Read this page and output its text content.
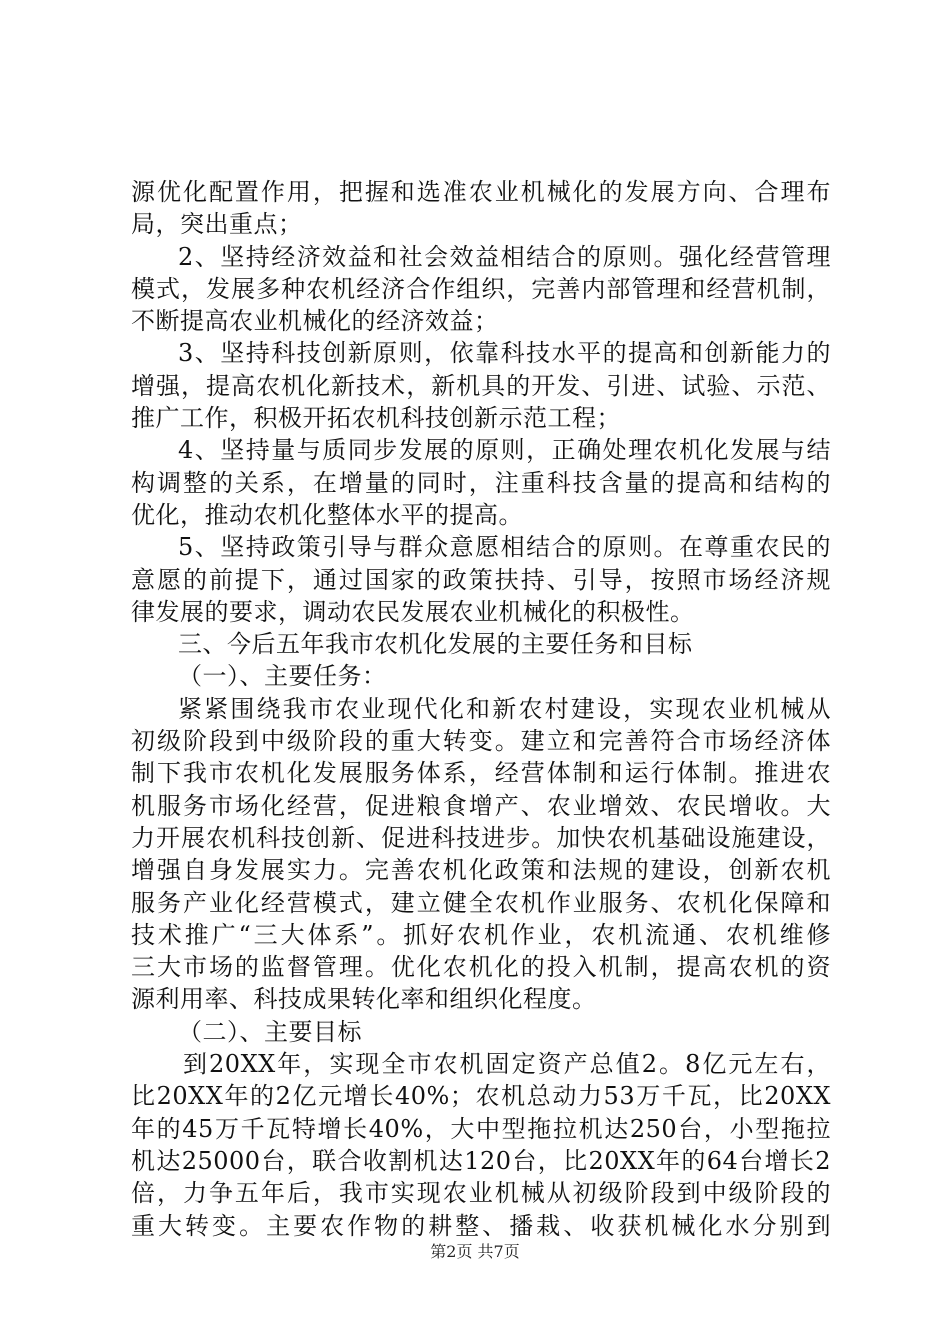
源优化配置作用，把握和选准农业机械化的发展方向、合理布
局，突出重点；
2、坚持经济效益和社会效益相结合的原则。强化经营管理
模式，发展多种农机经济合作组织，完善内部管理和经营机制，
不断提高农业机械化的经济效益；
3、坚持科技创新原则，依靠科技水平的提高和创新能力的
增强，提高农机化新技术，新机具的开发、引进、试验、示范、
推广工作，积极开拓农机科技创新示范工程；
4、坚持量与质同步发展的原则，正确处理农机化发展与结
构调整的关系，在增量的同时，注重科技含量的提高和结构的
优化，推动农机化整体水平的提高。
5、坚持政策引导与群众意愿相结合的原则。在尊重农民的
意愿的前提下，通过国家的政策扶持、引导，按照市场经济规
律发展的要求，调动农民发展农业机械化的积极性。
三、今后五年我市农机化发展的主要任务和目标
（一）、主要任务：
紧紧围绕我市农业现代化和新农村建设，实现农业机械从
初级阶段到中级阶段的重大转变。建立和完善符合市场经济体
制下我市农机化发展服务体系，经营体制和运行体制。推进农
机服务市场化经营，促进粮食增产、农业增效、农民增收。大
力开展农机科技创新、促进科技进步。加快农机基础设施建设，
增强自身发展实力。完善农机化政策和法规的建设，创新农机
服务产业化经营模式，建立健全农机作业服务、农机化保障和
技术推广“三大体系”。抓好农机作业，农机流通、农机维修
三大市场的监督管理。优化农机化的投入机制，提高农机的资
源利用率、科技成果转化率和组织化程度。
（二）、主要目标
到20XX年，实现全市农机固定资产总值2。8亿元左右，
比20XX年的2亿元增长40%；农机总动力53万千瓦，比20XX
年的45万千瓦特增长40%，大中型拖拉机达250台，小型拖拉
机达25000台，联合收割机达120台，比20XX年的64台增长2
倍，力争五年后，我市实现农业机械从初级阶段到中级阶段的
重大转变。主要农作物的耕整、播栽、收获机械化水分别到
第2页 共7页
